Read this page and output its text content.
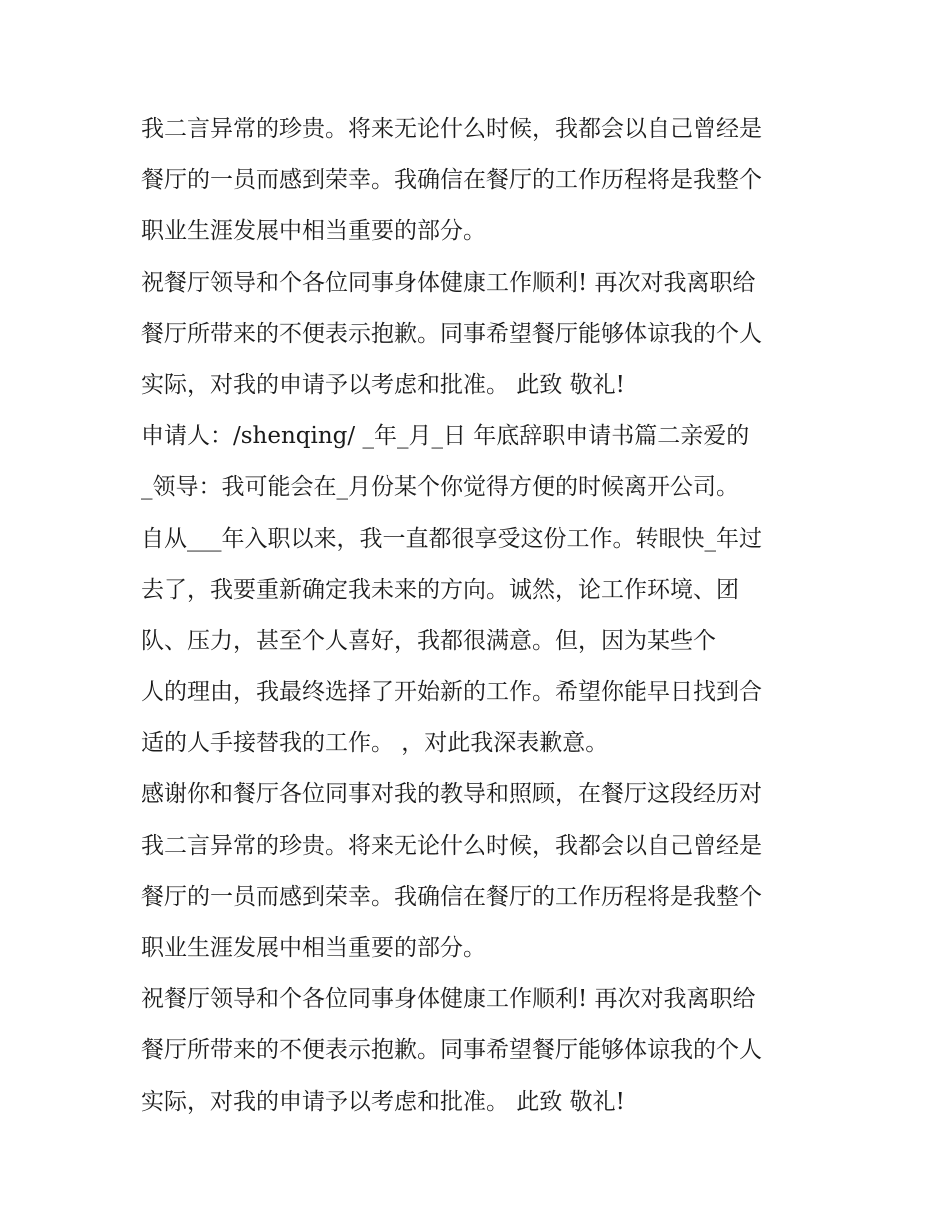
我二言异常的珍贵。将来无论什么时候，我都会以自己曾经是
餐厅的一员而感到荣幸。我确信在餐厅的工作历程将是我整个
职业生涯发展中相当重要的部分。
祝餐厅领导和个各位同事身体健康工作顺利! 再次对我离职给
餐厅所带来的不便表示抱歉。同事希望餐厅能够体谅我的个人
实际，对我的申请予以考虑和批准。 此致 敬礼!
申请人：/shenqing/ _年_月_日 年底辞职申请书篇二亲爱的
_领导：我可能会在_月份某个你觉得方便的时候离开公司。
自从___年入职以来，我一直都很享受这份工作。转眼快_年过
去了，我要重新确定我未来的方向。诚然，论工作环境、团
队、压力，甚至个人喜好，我都很满意。但，因为某些个
人的理由，我最终选择了开始新的工作。希望你能早日找到合
适的人手接替我的工作。 ，对此我深表歉意。
感谢你和餐厅各位同事对我的教导和照顾，在餐厅这段经历对
我二言异常的珍贵。将来无论什么时候，我都会以自己曾经是
餐厅的一员而感到荣幸。我确信在餐厅的工作历程将是我整个
职业生涯发展中相当重要的部分。
祝餐厅领导和个各位同事身体健康工作顺利! 再次对我离职给
餐厅所带来的不便表示抱歉。同事希望餐厅能够体谅我的个人
实际，对我的申请予以考虑和批准。 此致 敬礼!
